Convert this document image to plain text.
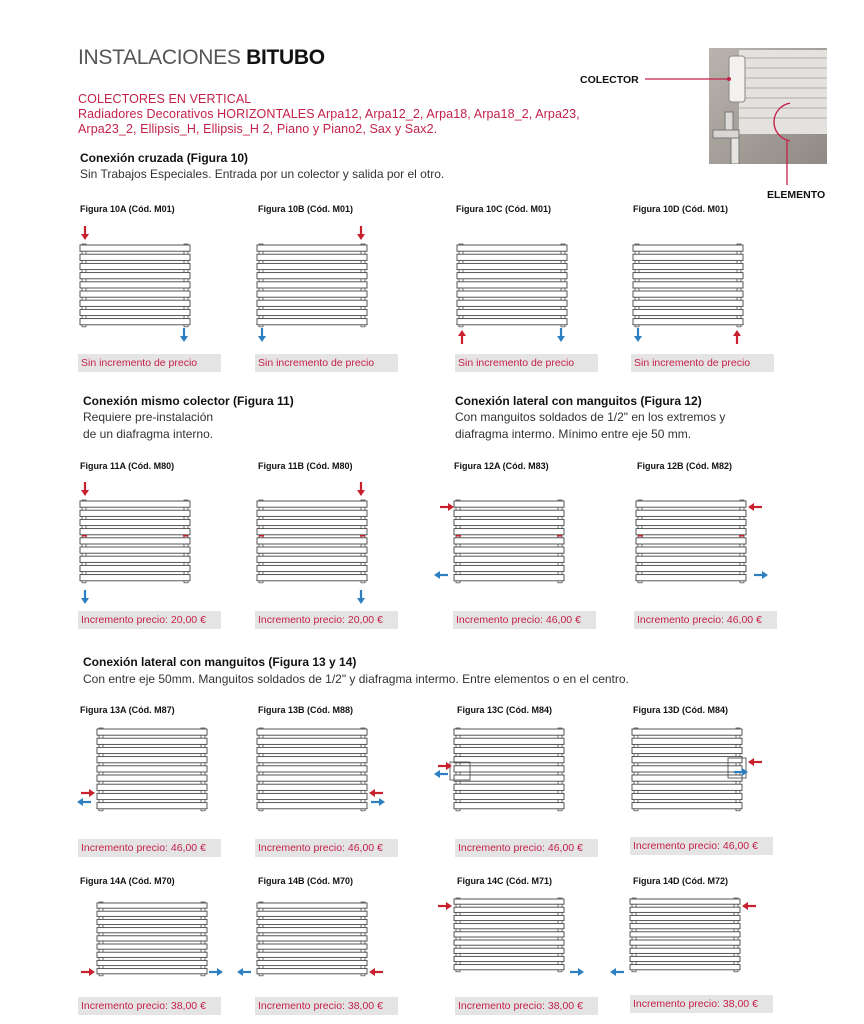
INSTALACIONES BITUBO
COLECTORES EN VERTICAL
Radiadores Decorativos HORIZONTALES Arpa12, Arpa12_2, Arpa18, Arpa18_2, Arpa23,
Arpa23_2, Ellipsis_H, Ellipsis_H 2, Piano y Piano2, Sax y Sax2.
COLECTOR
ELEMENTO
Conexión cruzada (Figura 10)
Sin Trabajos Especiales. Entrada por un colector y salida por el otro.
Conexión mismo colector (Figura 11)
Requiere pre-instalación
de un diafragma interno.
Conexión lateral con manguitos (Figura 12)
Con manguitos soldados de 1/2" en los extremos y
diafragma intermo. Mínimo entre eje 50 mm.
Conexión lateral con manguitos (Figura 13 y 14)
Con entre eje 50mm. Manguitos soldados de 1/2" y diafragma intermo. Entre elementos o en el centro.
Figura 10A (Cód. M01)	Figura 10B (Cód. M01)	Figura 10C (Cód. M01)	Figura 10D (Cód. M01)
Figura 11A (Cód. M80)	Figura 11B (Cód. M80)	Figura 12A (Cód. M83)	Figura 12B (Cód. M82)
Figura 13A (Cód. M87)	Figura 13B (Cód. M88)	Figura 13C (Cód. M84)	Figura 13D (Cód. M84)
Figura 14A (Cód. M70)	Figura 14B (Cód. M70)	Figura 14C (Cód. M71)	Figura 14D (Cód. M72)
Sin incremento de precio	Sin incremento de precio	Sin incremento de precio	Sin incremento de precio
Incremento precio: 20,00 €	Incremento precio: 20,00 €	Incremento precio: 46,00 €	Incremento precio: 46,00 €
Incremento precio: 46,00 €	Incremento precio: 46,00 €	Incremento precio: 46,00 €	Incremento precio: 46,00 €
Incremento precio: 38,00 €	Incremento precio: 38,00 €	Incremento precio: 38,00 €	Incremento precio: 38,00 €
